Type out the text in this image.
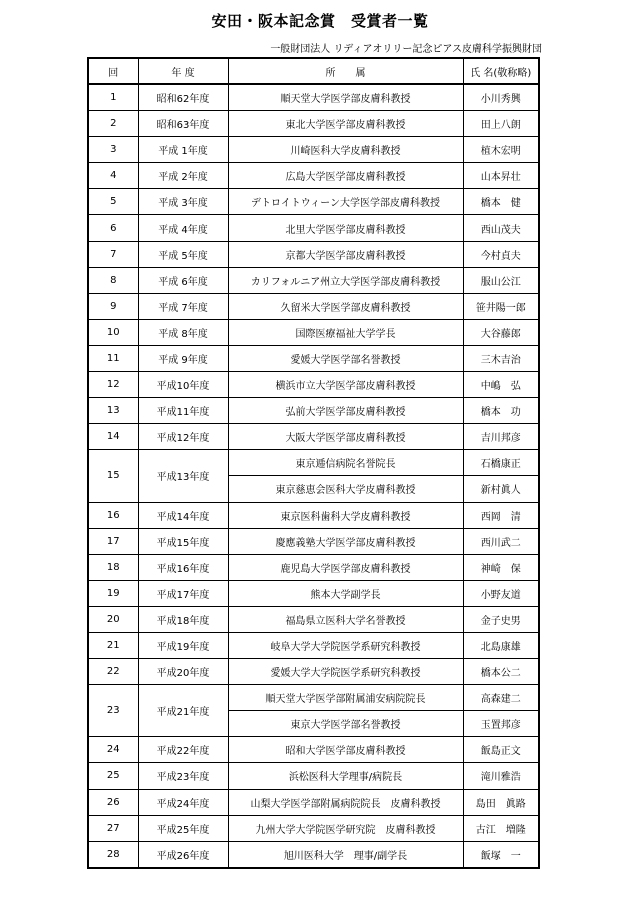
安田・阪本記念賞　受賞者一覧
一般財団法人 リディアオリリー記念ピアス皮膚科学振興財団
回	年 度	所　　属	氏 名(敬称略)
1	昭和62年度	順天堂大学医学部皮膚科教授	小川秀興
2	昭和63年度	東北大学医学部皮膚科教授	田上八朗
3	平成 1年度	川崎医科大学皮膚科教授	植木宏明
4	平成 2年度	広島大学医学部皮膚科教授	山本昇壮
5	平成 3年度	デトロイトウィーン大学医学部皮膚科教授	橋本　健
6	平成 4年度	北里大学医学部皮膚科教授	西山茂夫
7	平成 5年度	京都大学医学部皮膚科教授	今村貞夫
8	平成 6年度	カリフォルニア州立大学医学部皮膚科教授	服山公江
9	平成 7年度	久留米大学医学部皮膚科教授	笹井陽一郎
10	平成 8年度	国際医療福祉大学学長	大谷藤郎
11	平成 9年度	愛媛大学医学部名誉教授	三木吉治
12	平成10年度	横浜市立大学医学部皮膚科教授	中嶋　弘
13	平成11年度	弘前大学医学部皮膚科教授	橋本　功
14	平成12年度	大阪大学医学部皮膚科教授	吉川邦彦
15	平成13年度	東京逓信病院名誉院長	石橋康正
		東京慈恵会医科大学皮膚科教授	新村眞人
16	平成14年度	東京医科歯科大学皮膚科教授	西岡　清
17	平成15年度	慶應義塾大学医学部皮膚科教授	西川武二
18	平成16年度	鹿児島大学医学部皮膚科教授	神崎　保
19	平成17年度	熊本大学副学長	小野友道
20	平成18年度	福島県立医科大学名誉教授	金子史男
21	平成19年度	岐阜大学大学院医学系研究科教授	北島康雄
22	平成20年度	愛媛大学大学院医学系研究科教授	橋本公二
23	平成21年度	順天堂大学医学部附属浦安病院院長	高森建二
		東京大学医学部名誉教授	玉置邦彦
24	平成22年度	昭和大学医学部皮膚科教授	飯島正文
25	平成23年度	浜松医科大学理事/病院長	滝川雅浩
26	平成24年度	山梨大学医学部附属病院院長　皮膚科教授	島田　眞路
27	平成25年度	九州大学大学院医学研究院　皮膚科教授	古江　増隆
28	平成26年度	旭川医科大学　理事/副学長	飯塚　一
